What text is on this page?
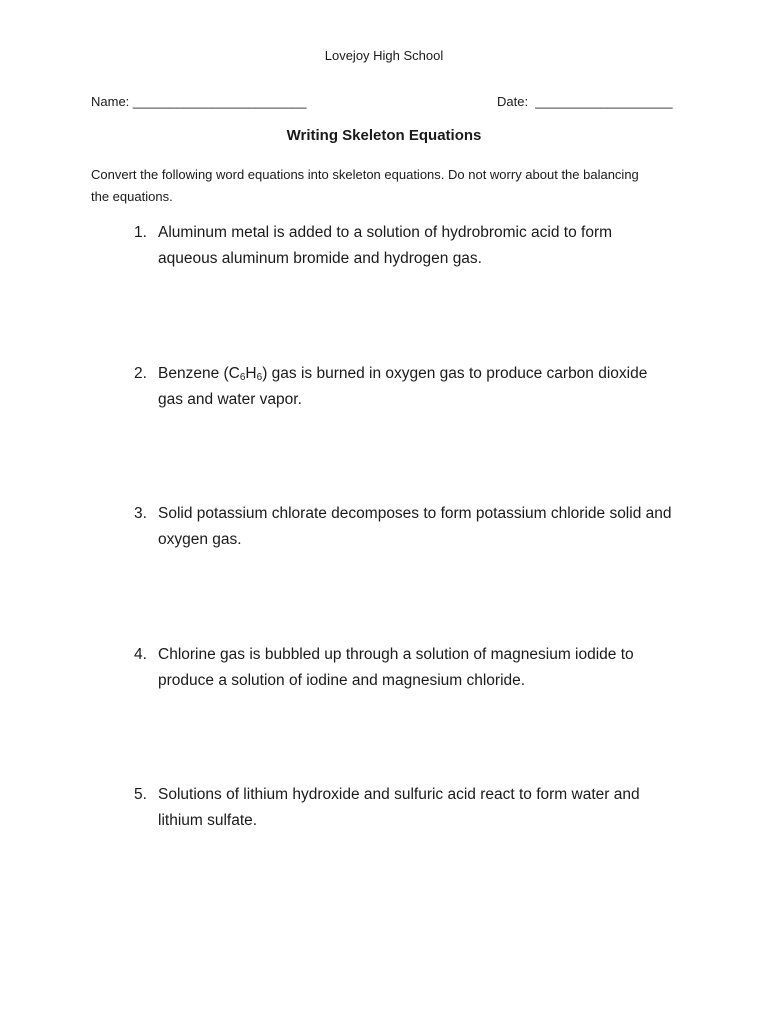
Lovejoy High School
Name: ________________________	Date:  ___________________
Writing Skeleton Equations
Convert the following word equations into skeleton equations. Do not worry about the balancing the equations.
1. Aluminum metal is added to a solution of hydrobromic acid to form aqueous aluminum bromide and hydrogen gas.
2. Benzene $(C_6H_6)$ gas is burned in oxygen gas to produce carbon dioxide gas and water vapor.
3. Solid potassium chlorate decomposes to form potassium chloride solid and oxygen gas.
4. Chlorine gas is bubbled up through a solution of magnesium iodide to produce a solution of iodine and magnesium chloride.
5. Solutions of lithium hydroxide and sulfuric acid react to form water and lithium sulfate.
